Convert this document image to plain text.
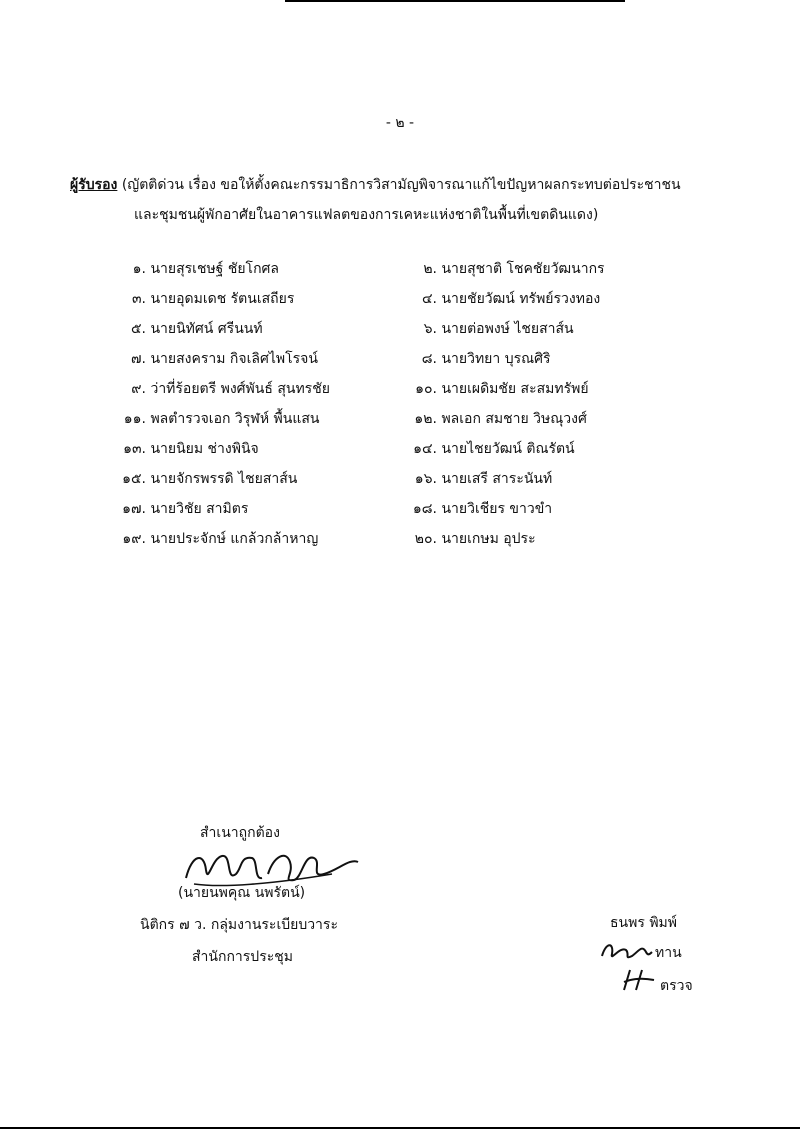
- ๒ -
ผู้รับรอง (ญัตติด่วน เรื่อง ขอให้ตั้งคณะกรรมาธิการวิสามัญพิจารณาแก้ไขปัญหาผลกระทบต่อประชาชน
และชุมชนผู้พักอาศัยในอาคารแฟลตของการเคหะแห่งชาติในพื้นที่เขตดินแดง)
๑. นายสุรเชษฐ์ ชัยโกศล
๓. นายอุดมเดช รัตนเสถียร
๕. นายนิทัศน์ ศรีนนท์
๗. นายสงคราม กิจเลิศไพโรจน์
๙. ว่าที่ร้อยตรี พงศ์พันธ์ สุนทรชัย
๑๑. พลตำรวจเอก วิรุฬห์ พื้นแสน
๑๓. นายนิยม ช่างพินิจ
๑๕. นายจักรพรรดิ ไชยสาส์น
๑๗. นายวิชัย สามิตร
๑๙. นายประจักษ์ แกล้วกล้าหาญ
๒. นายสุชาติ โชคชัยวัฒนากร
๔. นายชัยวัฒน์ ทรัพย์รวงทอง
๖. นายต่อพงษ์ ไชยสาส์น
๘. นายวิทยา บุรณศิริ
๑๐. นายเผดิมชัย สะสมทรัพย์
๑๒. พลเอก สมชาย วิษณุวงศ์
๑๔. นายไชยวัฒน์ ติณรัตน์
๑๖. นายเสรี สาระนันท์
๑๘. นายวิเชียร ขาวขำ
๒๐. นายเกษม อุประ
สำเนาถูกต้อง
(นายนพคุณ นพรัตน์)
นิติกร ๗ ว. กลุ่มงานระเบียบวาระ
สำนักการประชุม
ธนพร พิมพ์
ทาน
ตรวจ
